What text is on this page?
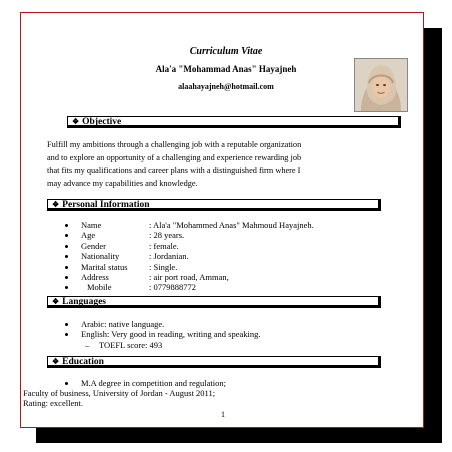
Curriculum Vitae
Ala'a "Mohammad Anas" Hayajneh
alaahayajneh@hotmail.com
❖ Objective

Fulfill my ambitions through a challenging job with a reputable organization

and to explore an opportunity of a challenging and experience rewarding job

that fits my qualifications and career plans with a distinguished firm where I

may advance my capabilities and knowledge.

❖ Personal Information
Name	: Ala'a "Mohammed Anas" Mahmoud Hayajneh.
Age	: 28 years.
Gender	: female.
Nationality	: Jordanian.
Marital status	: Single.
Address	: air port road, Amman,
Mobile	: 0779888772
❖ Languages
Arabic: native language.
English: Very good in reading, writing and speaking.
– TOEFL score: 493
❖ Education
M.A degree in competition and regulation;
Faculty of business, University of Jordan - August 2011;
Rating: excellent.
1
